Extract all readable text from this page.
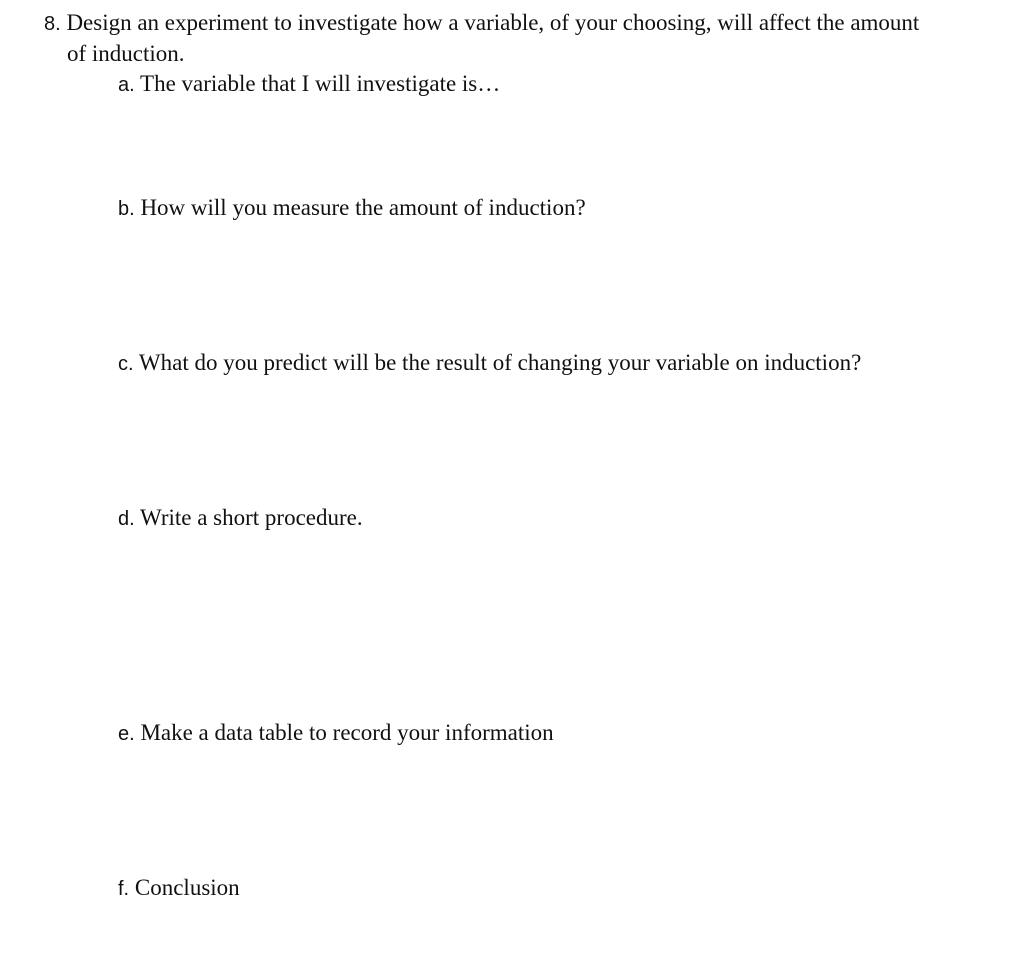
8. Design an experiment to investigate how a variable, of your choosing, will affect the amount
of induction.
a. The variable that I will investigate is…
b. How will you measure the amount of induction?
c. What do you predict will be the result of changing your variable on induction?
d. Write a short procedure.
e. Make a data table to record your information
f. Conclusion
